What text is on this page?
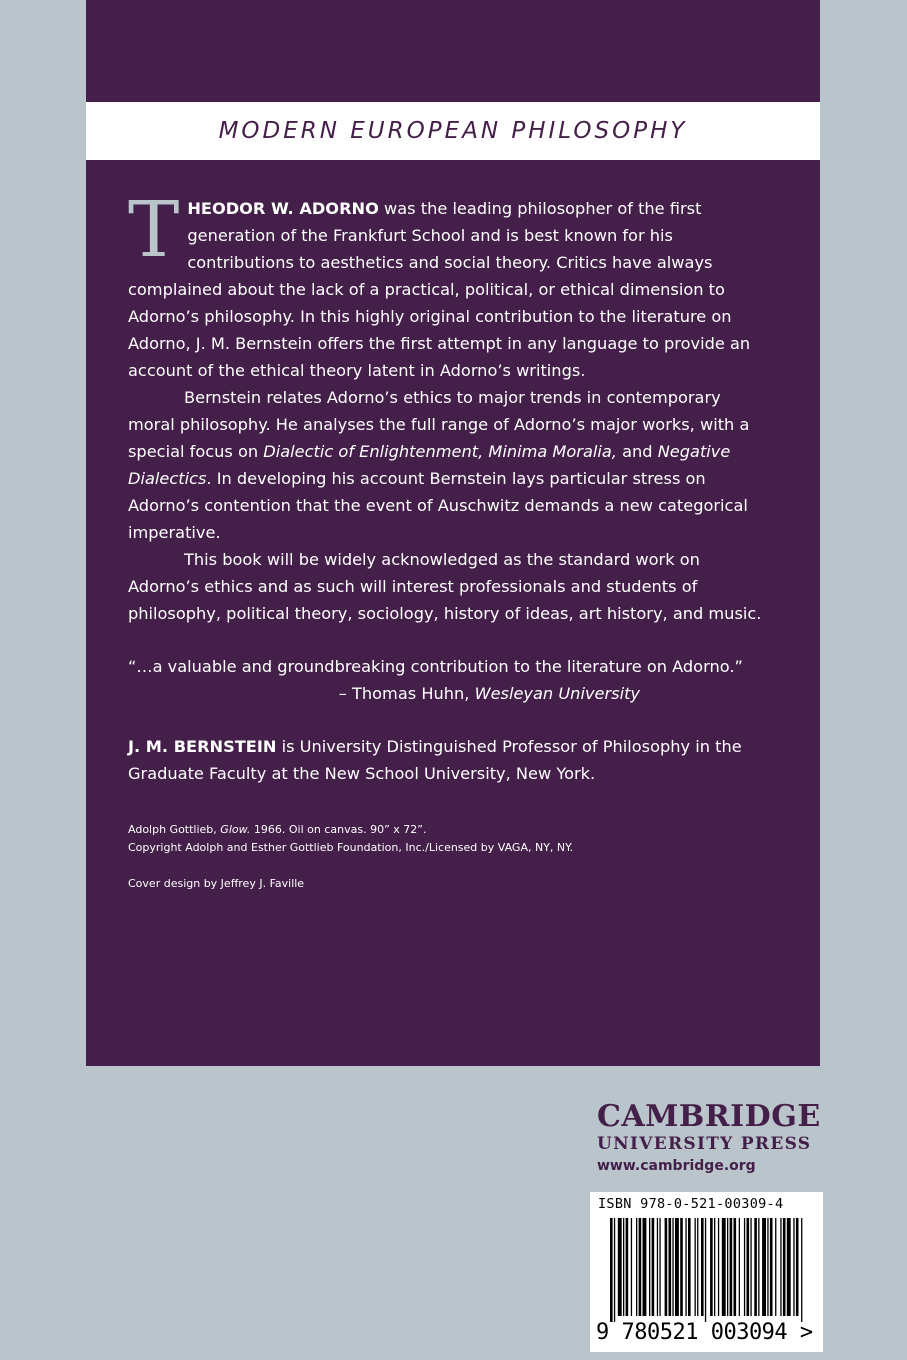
MODERN EUROPEAN PHILOSOPHY

THEODOR W. ADORNO was the leading philosopher of the first generation of the Frankfurt School and is best known for his contributions to aesthetics and social theory. Critics have always complained about the lack of a practical, political, or ethical dimension to Adorno’s philosophy. In this highly original contribution to the literature on Adorno, J. M. Bernstein offers the first attempt in any language to provide an account of the ethical theory latent in Adorno’s writings.

Bernstein relates Adorno’s ethics to major trends in contemporary moral philosophy. He analyses the full range of Adorno’s major works, with a special focus on Dialectic of Enlightenment, Minima Moralia, and Negative Dialectics. In developing his account Bernstein lays particular stress on Adorno’s contention that the event of Auschwitz demands a new categorical imperative.

This book will be widely acknowledged as the standard work on Adorno’s ethics and as such will interest professionals and students of philosophy, political theory, sociology, history of ideas, art history, and music.

“…a valuable and groundbreaking contribution to the literature on Adorno.”

– Thomas Huhn, Wesleyan University

J. M. BERNSTEIN is University Distinguished Professor of Philosophy in the Graduate Faculty at the New School University, New York.

Adolph Gottlieb, Glow. 1966. Oil on canvas. 90” x 72”.

Copyright Adolph and Esther Gottlieb Foundation, Inc./Licensed by VAGA, NY, NY.

Cover design by Jeffrey J. Faville

CAMBRIDGE
UNIVERSITY PRESS
www.cambridge.org
ISBN 978-0-521-00309-4
9 780521 003094 >
